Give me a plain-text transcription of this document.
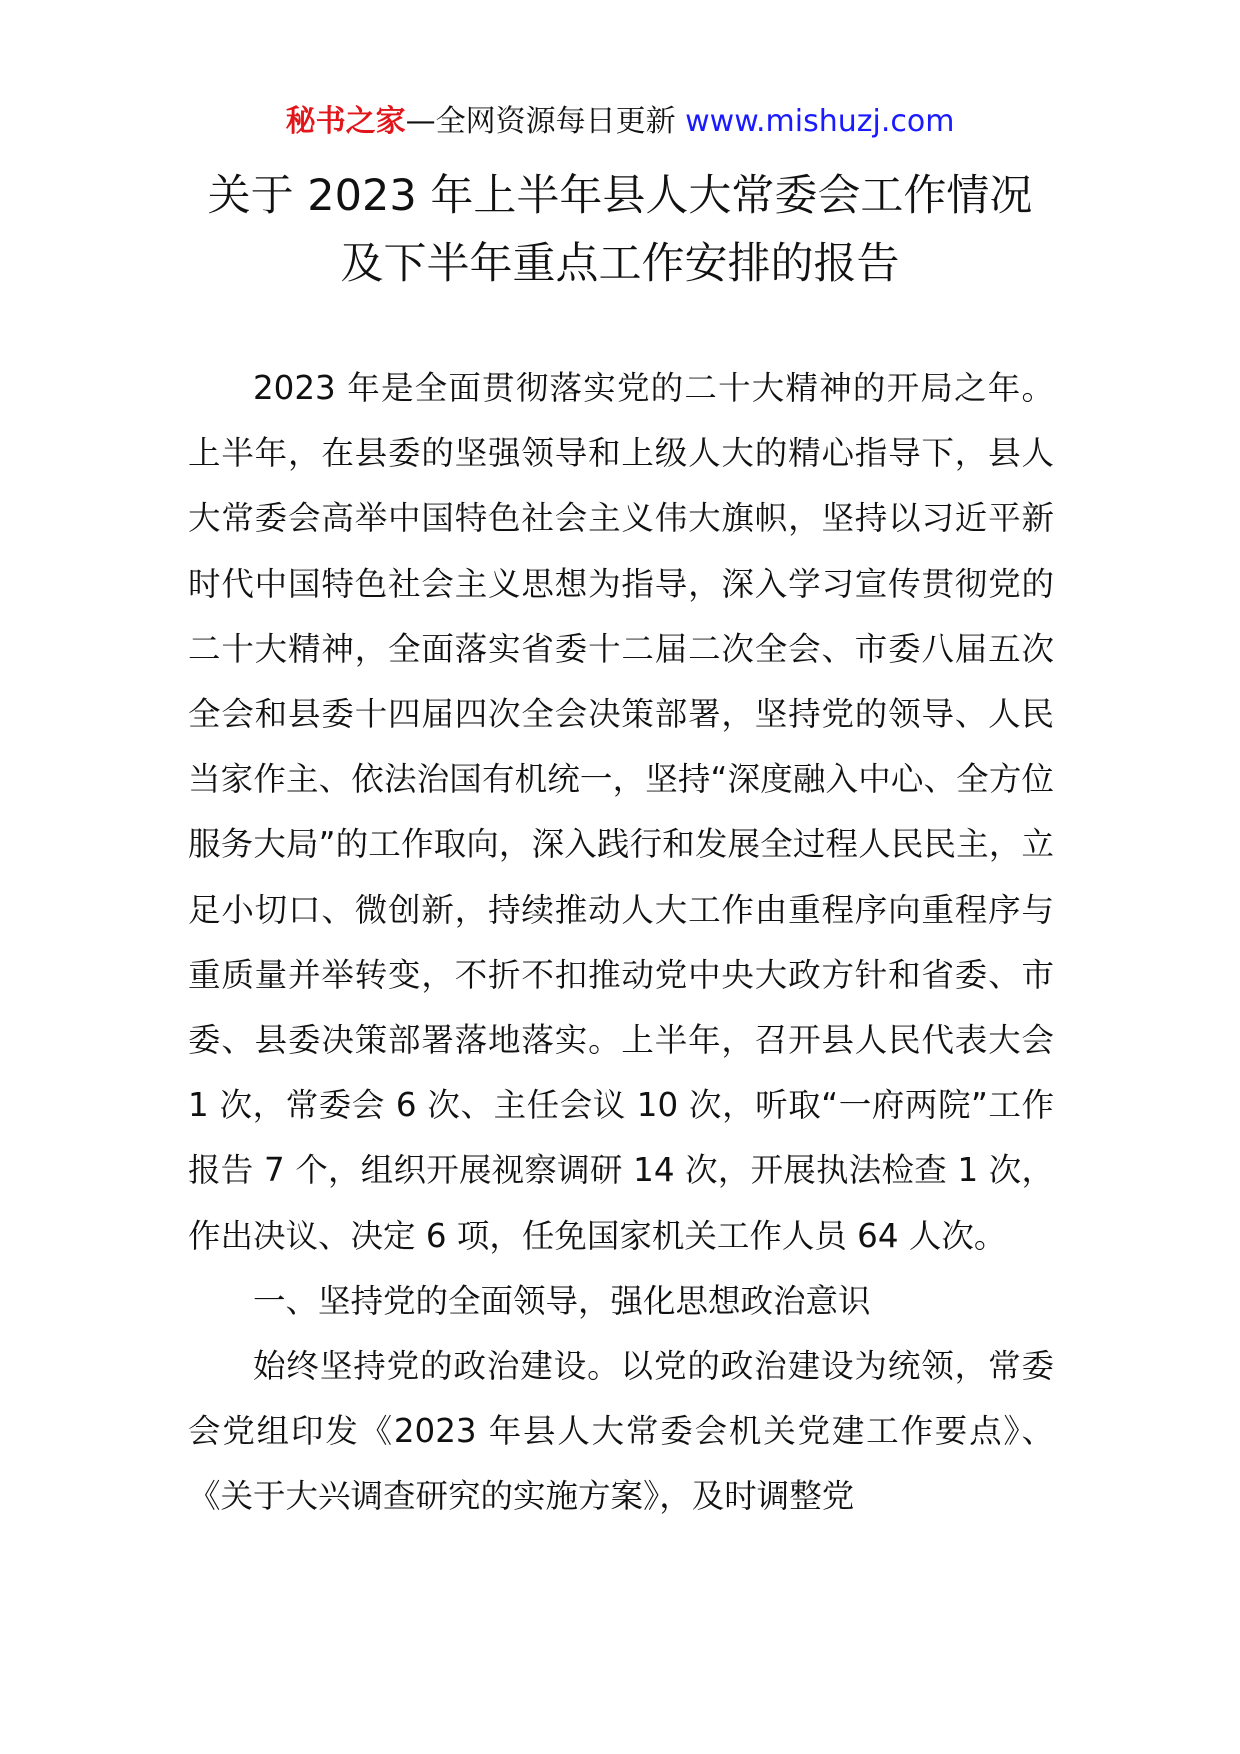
秘书之家—全网资源每日更新 www.mishuzj.com
关于 2023 年上半年县人大常委会工作情况
及下半年重点工作安排的报告

2023 年是全面贯彻落实党的二十大精神的开局之年。上半年，在县委的坚强领导和上级人大的精心指导下，县人大常委会高举中国特色社会主义伟大旗帜，坚持以习近平新时代中国特色社会主义思想为指导，深入学习宣传贯彻党的二十大精神，全面落实省委十二届二次全会、市委八届五次全会和县委十四届四次全会决策部署，坚持党的领导、人民当家作主、依法治国有机统一，坚持“深度融入中心、全方位服务大局”的工作取向，深入践行和发展全过程人民民主，立足小切口、微创新，持续推动人大工作由重程序向重程序与重质量并举转变，不折不扣推动党中央大政方针和省委、市委、县委决策部署落地落实。上半年，召开县人民代表大会 1 次，常委会 6 次、主任会议 10 次，听取“一府两院”工作报告 7 个，组织开展视察调研 14 次，开展执法检查 1 次，作出决议、决定 6 项，任免国家机关工作人员 64 人次。

一、坚持党的全面领导，强化思想政治意识

始终坚持党的政治建设。以党的政治建设为统领，常委会党组印发《2023 年县人大常委会机关党建工作要点》、《关于大兴调查研究的实施方案》，及时调整党
